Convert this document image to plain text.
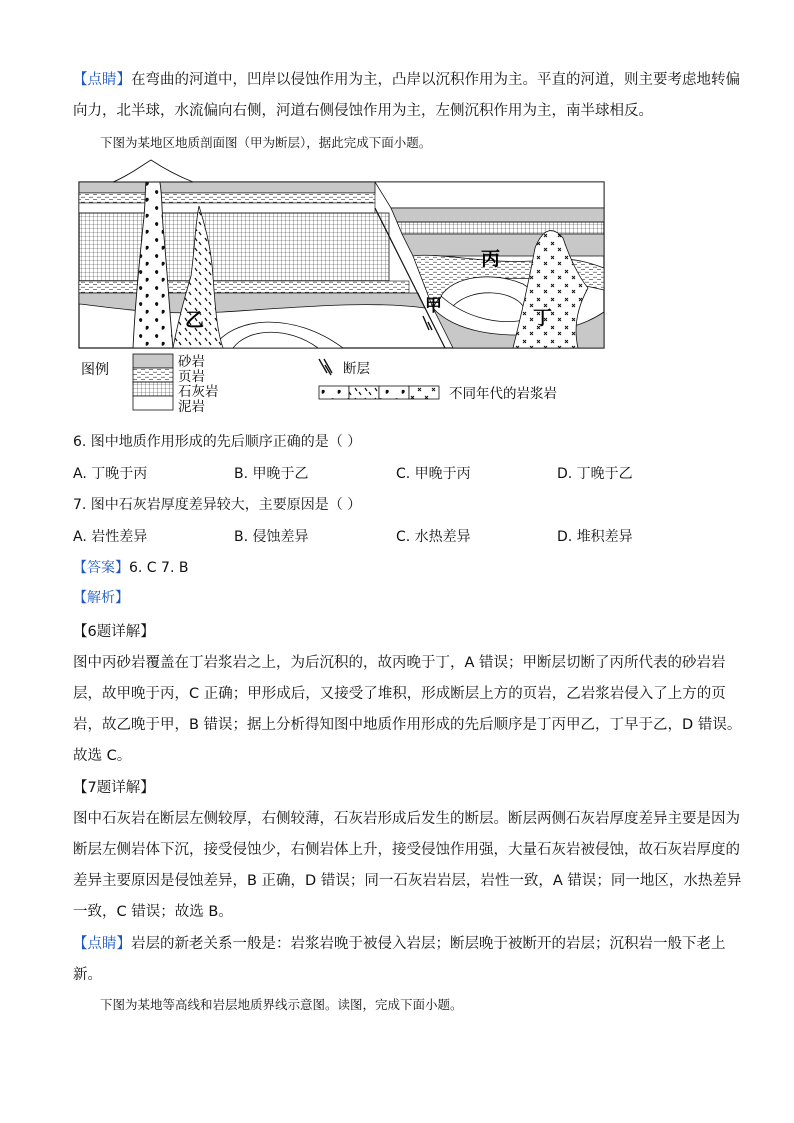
【点睛】在弯曲的河道中，凹岸以侵蚀作用为主，凸岸以沉积作用为主。平直的河道，则主要考虑地转偏
向力，北半球，水流偏向右侧，河道右侧侵蚀作用为主，左侧沉积作用为主，南半球相反。
下图为某地区地质剖面图（甲为断层），据此完成下面小题。
丙
甲
乙	丁
图例	砂岩
页岩
石灰岩
泥岩
断层
不同年代的岩浆岩
6. 图中地质作用形成的先后顺序正确的是（ ）
A. 丁晚于丙	B. 甲晚于乙	C. 甲晚于丙	D. 丁晚于乙
7. 图中石灰岩厚度差异较大，主要原因是（ ）
A. 岩性差异	B. 侵蚀差异	C. 水热差异	D. 堆积差异
【答案】6. C 7. B
【解析】
【6题详解】
图中丙砂岩覆盖在丁岩浆岩之上，为后沉积的，故丙晚于丁，A 错误；甲断层切断了丙所代表的砂岩岩
层，故甲晚于丙，C 正确；甲形成后，又接受了堆积，形成断层上方的页岩，乙岩浆岩侵入了上方的页
岩，故乙晚于甲，B 错误；据上分析得知图中地质作用形成的先后顺序是丁丙甲乙，丁早于乙，D 错误。
故选 C。
【7题详解】
图中石灰岩在断层左侧较厚，右侧较薄，石灰岩形成后发生的断层。断层两侧石灰岩厚度差异主要是因为
断层左侧岩体下沉，接受侵蚀少，右侧岩体上升，接受侵蚀作用强，大量石灰岩被侵蚀，故石灰岩厚度的
差异主要原因是侵蚀差异，B 正确，D 错误；同一石灰岩岩层，岩性一致，A 错误；同一地区，水热差异
一致，C 错误；故选 B。
【点睛】岩层的新老关系一般是：岩浆岩晚于被侵入岩层；断层晚于被断开的岩层；沉积岩一般下老上
新。
下图为某地等高线和岩层地质界线示意图。读图，完成下面小题。
